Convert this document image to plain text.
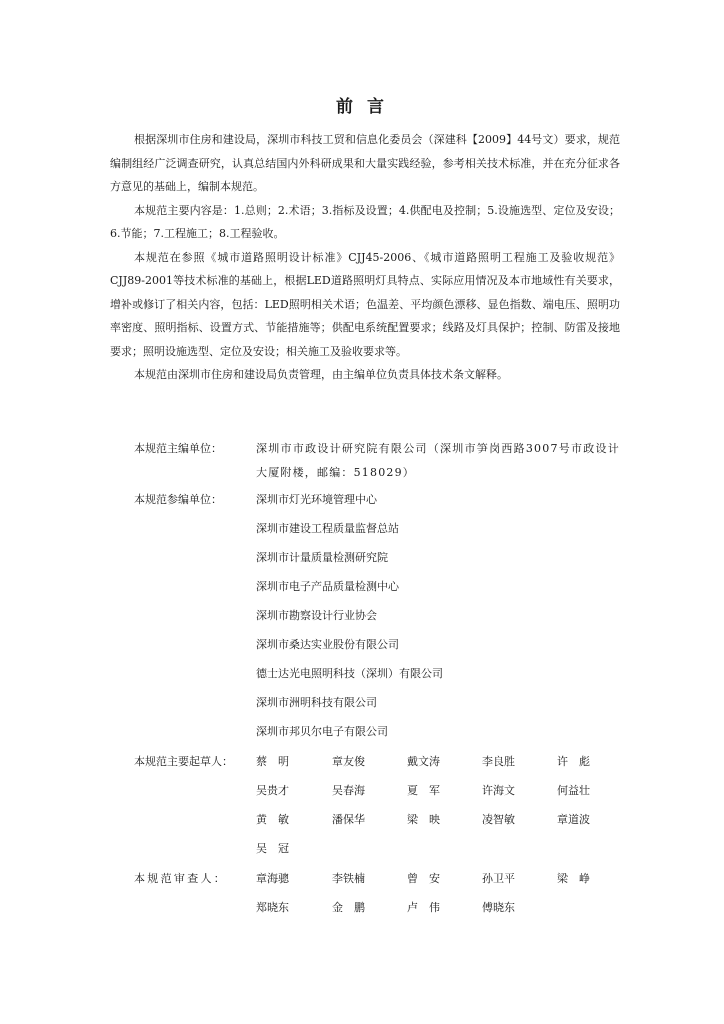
前 言

根据深圳市住房和建设局，深圳市科技工贸和信息化委员会（深建科【2009】44号文）要求，规范编制组经广泛调查研究，认真总结国内外科研成果和大量实践经验，参考相关技术标准，并在充分征求各方意见的基础上，编制本规范。

本规范主要内容是：1.总则；2.术语；3.指标及设置；4.供配电及控制；5.设施选型、定位及安设；6.节能；7.工程施工；8.工程验收。

本规范在参照《城市道路照明设计标准》CJJ45-2006、《城市道路照明工程施工及验收规范》CJJ89-2001等技术标准的基础上，根据LED道路照明灯具特点、实际应用情况及本市地域性有关要求，增补或修订了相关内容，包括：LED照明相关术语；色温差、平均颜色漂移、显色指数、端电压、照明功率密度、照明指标、设置方式、节能措施等；供配电系统配置要求；线路及灯具保护；控制、防雷及接地要求；照明设施选型、定位及安设；相关施工及验收要求等。

本规范由深圳市住房和建设局负责管理，由主编单位负责具体技术条文解释。

本规范主编单位：	深圳市市政设计研究院有限公司（深圳市笋岗西路3007号市政设计大厦附楼，邮编：518029）
本规范参编单位：	深圳市灯光环境管理中心
深圳市建设工程质量监督总站
深圳市计量质量检测研究院
深圳市电子产品质量检测中心
深圳市勘察设计行业协会
深圳市桑达实业股份有限公司
德士达光电照明科技（深圳）有限公司
深圳市洲明科技有限公司
深圳市邦贝尔电子有限公司
本规范主要起草人： 蔡　明	章友俊	戴文涛	李良胜	许　彪
吴贵才	吴春海	夏　军	许海文	何益壮
黄　敏	潘保华	梁　映	凌智敏	章道波
吴　冠
本规范审查人：	章海骢	李铁楠	曾　安	孙卫平	梁　峥
郑晓东	金　鹏	卢　伟	傅晓东
